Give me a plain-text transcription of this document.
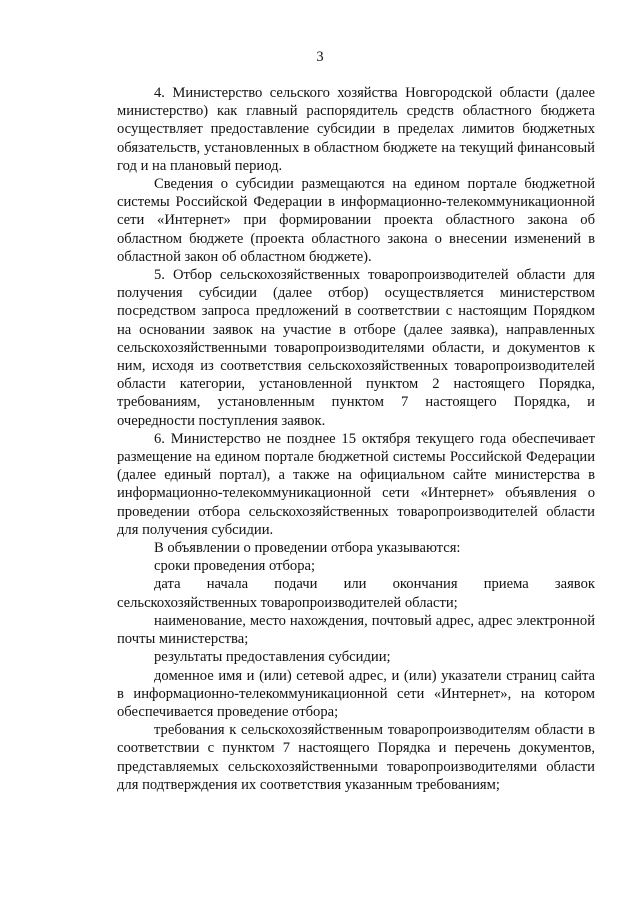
3

4. Министерство сельского хозяйства Новгородской области (далее министерство) как главный распорядитель средств областного бюджета осуществляет предоставление субсидии в пределах лимитов бюджетных обязательств, установленных в областном бюджете на текущий финансовый год и на плановый период.

Сведения о субсидии размещаются на едином портале бюджетной системы Российской Федерации в информационно-телекоммуникационной сети «Интернет» при формировании проекта областного закона об областном бюджете (проекта областного закона о внесении изменений в областной закон об областном бюджете).

5. Отбор сельскохозяйственных товаропроизводителей области для получения субсидии (далее отбор) осуществляется министерством посредством запроса предложений в соответствии с настоящим Порядком на основании заявок на участие в отборе (далее заявка), направленных сельскохозяйственными товаропроизводителями области, и документов к ним, исходя из соответствия сельскохозяйственных товаропроизводителей области категории, установленной пунктом 2 настоящего Порядка, требованиям, установленным пунктом 7 настоящего Порядка, и очередности поступления заявок.

6. Министерство не позднее 15 октября текущего года обеспечивает размещение на едином портале бюджетной системы Российской Федерации (далее единый портал), а также на официальном сайте министерства в информационно-телекоммуникационной сети «Интернет» объявления о проведении отбора сельскохозяйственных товаропроизводителей области для получения субсидии.

В объявлении о проведении отбора указываются:

сроки проведения отбора;

дата начала подачи или окончания приема заявок сельскохозяйственных товаропроизводителей области;

наименование, место нахождения, почтовый адрес, адрес электронной почты министерства;

результаты предоставления субсидии;

доменное имя и (или) сетевой адрес, и (или) указатели страниц сайта в информационно-телекоммуникационной сети «Интернет», на котором обеспечивается проведение отбора;

требования к сельскохозяйственным товаропроизводителям области в соответствии с пунктом 7 настоящего Порядка и перечень документов, представляемых сельскохозяйственными товаропроизводителями области для подтверждения их соответствия указанным требованиям;
